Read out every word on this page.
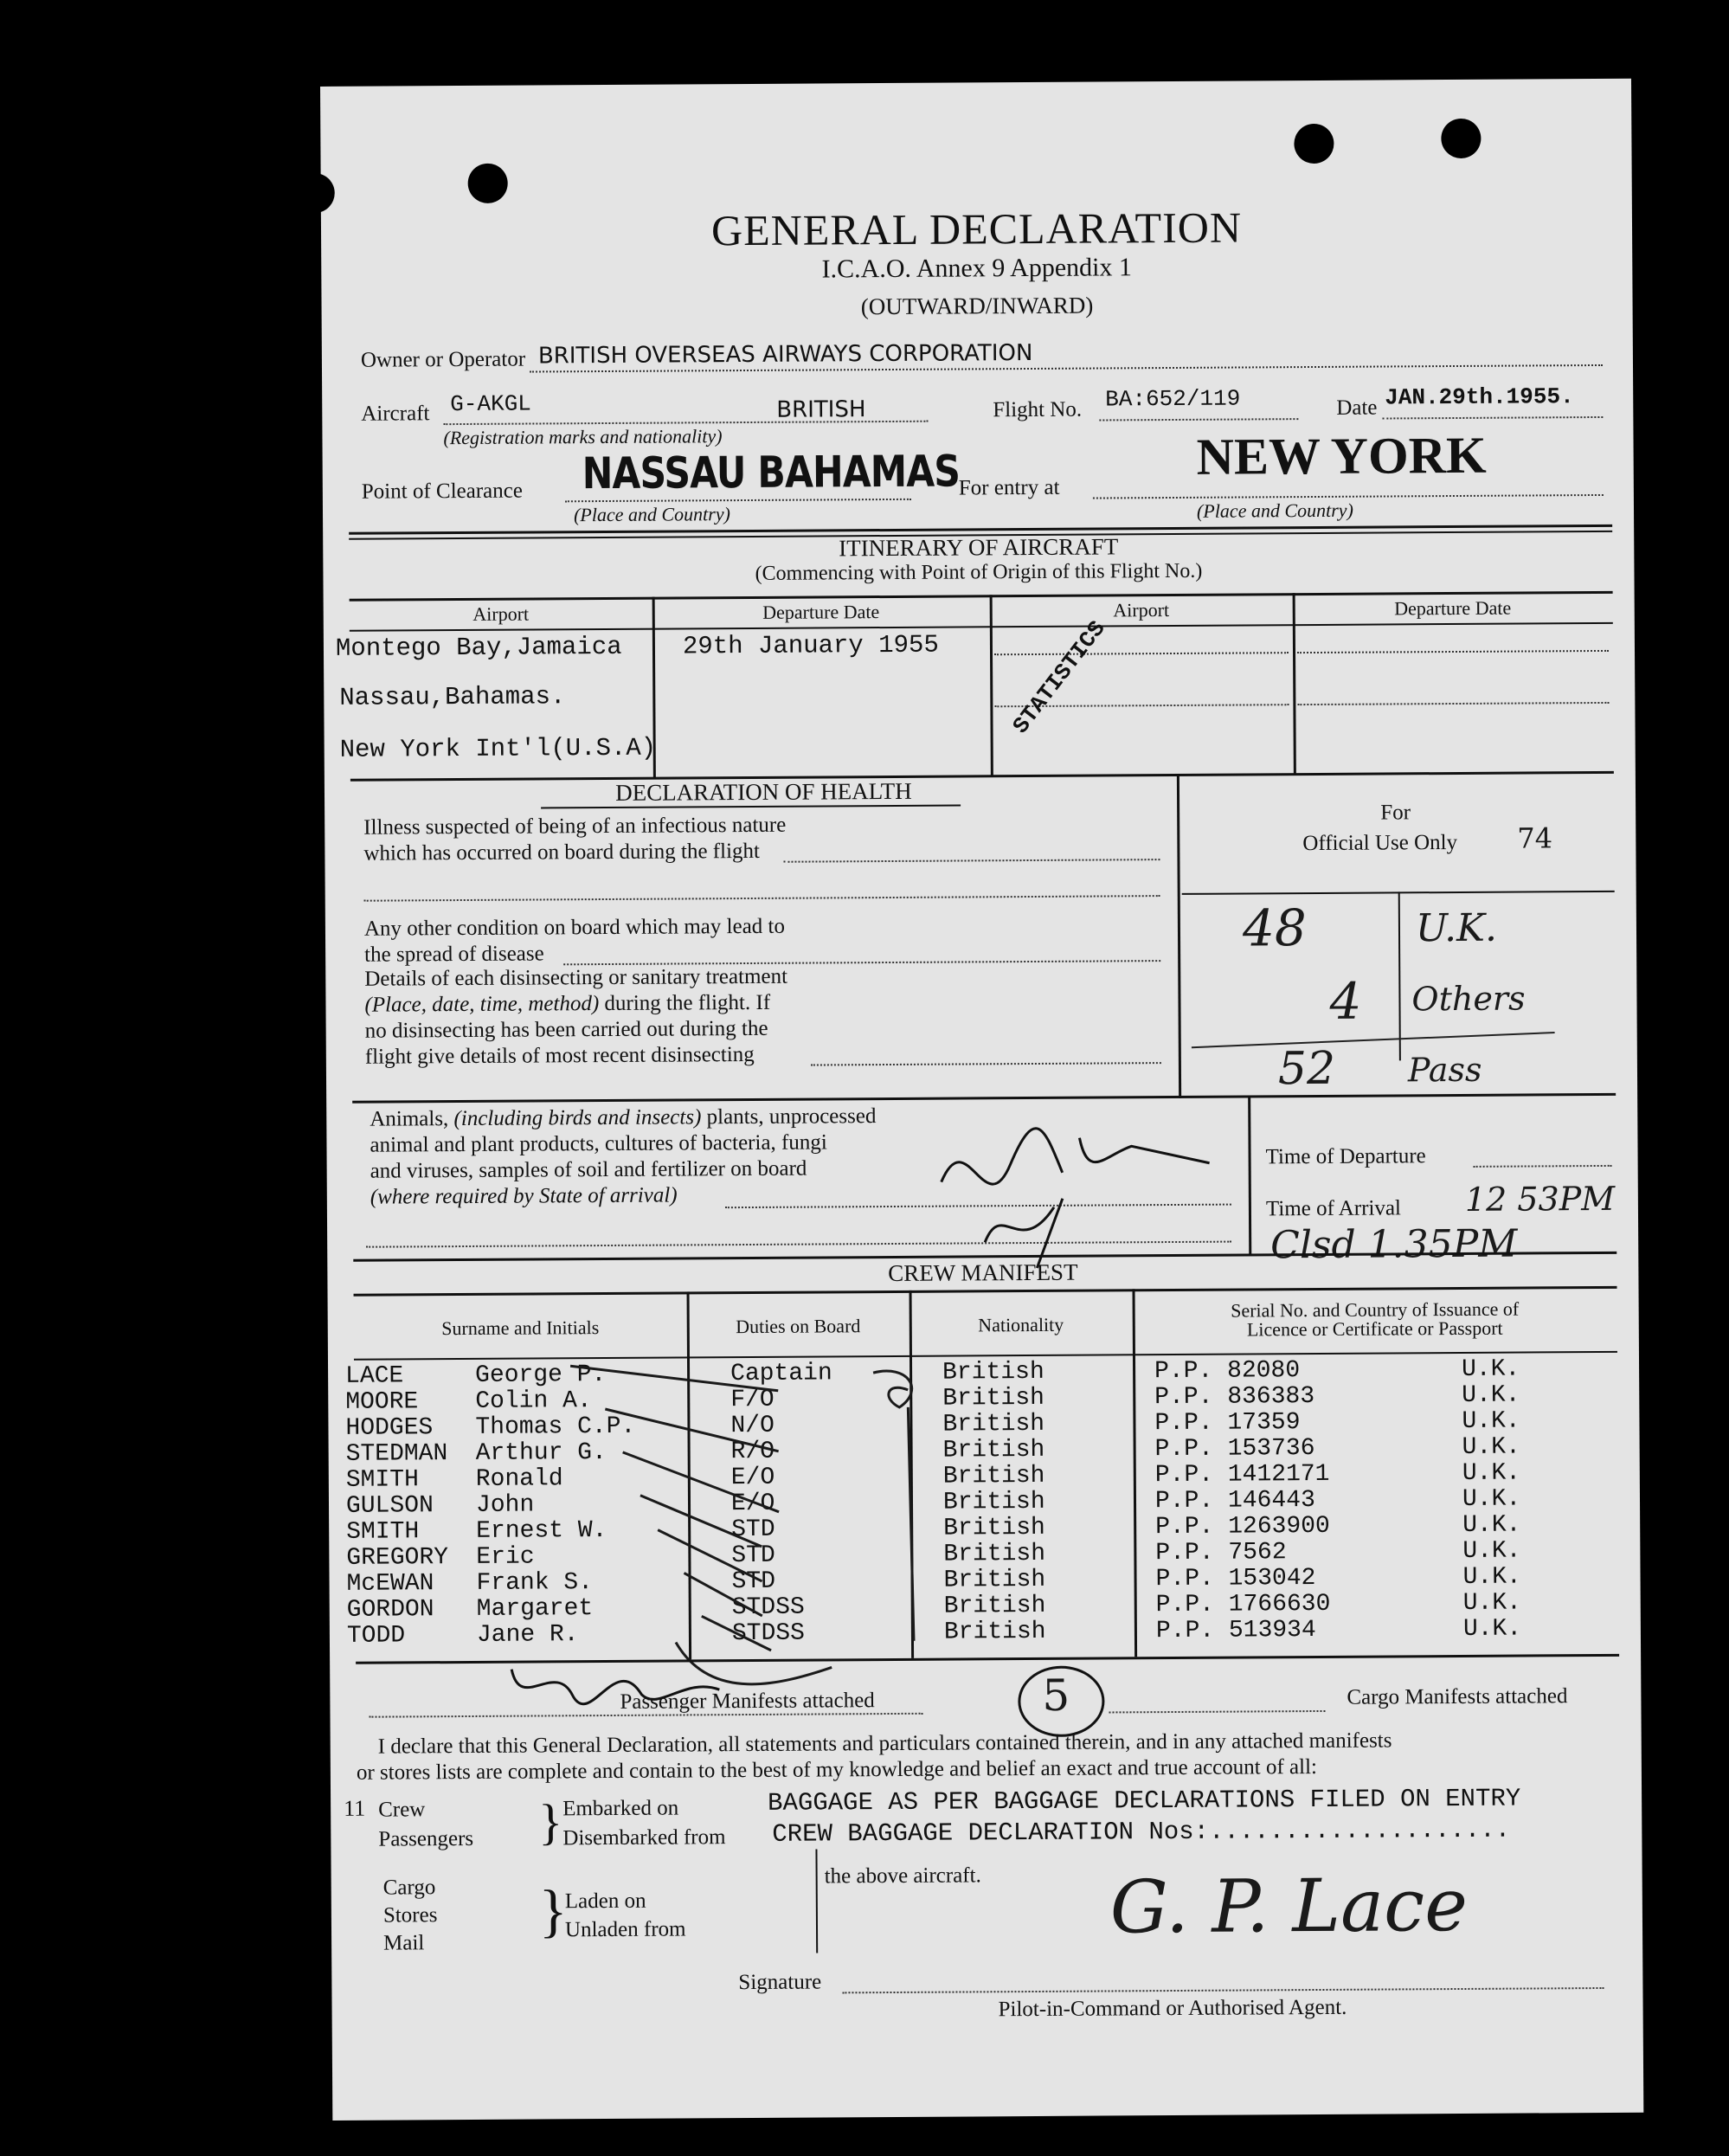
GENERAL DECLARATION
I.C.A.O. Annex 9 Appendix 1
(OUTWARD/INWARD)
Owner or Operator BRITISH OVERSEAS AIRWAYS CORPORATION
Aircraft G-AKGL	BRITISH
(Registration marks and nationality)
Flight No. BA:652/119	Date JAN.29th.1955.
Point of Clearance NASSAU BAHAMAS
(Place and Country)
For entry at
NEW YORK
(Place and Country)
ITINERARY OF AIRCRAFT
(Commencing with Point of Origin of this Flight No.)
Airport	Departure Date	Airport	Departure Date
Montego Bay,Jamaica 29th January 1955
Nassau,Bahamas.
New York Int'l(U.S.A)
STATISTICS
DECLARATION OF HEALTH
Illness suspected of being of an infectious nature
which has occurred on board during the flight
Any other condition on board which may lead to
the spread of disease
Details of each disinsecting or sanitary treatment
(Place, date, time, method) during the flight. If
no disinsecting has been carried out during the
flight give details of most recent disinsecting
For
Official Use Only 74
48	U.K.
4 Others
52 Pass
Animals, (including birds and insects) plants, unprocessed
animal and plant products, cultures of bacteria, fungi
and viruses, samples of soil and fertilizer on board
(where required by State of arrival)
Time of Departure
Time of Arrival 12 53PM
Clsd 1.35PM
CREW MANIFEST
Surname and Initials	Duties on Board	Nationality
Serial No. and Country of Issuance of
Licence or Certificate or Passport
LACE	George P.	Captain	British	P.P. 82080	U.K.
MOORE Colin A.	F/O	British	P.P. 836383	U.K.
HODGES Thomas C.P.	N/O	British	P.P. 17359	U.K.
STEDMAN Arthur G.	R/O	British	P.P. 153736	U.K.
SMITH Ronald	E/O	British	P.P. 1412171	U.K.
GULSON John	E/O	British	P.P. 146443	U.K.
SMITH Ernest W.	STD	British	P.P. 1263900	U.K.
GREGORY Eric	STD	British	P.P. 7562	U.K.
McEWAN Frank S.	STD	British	P.P. 153042	U.K.
GORDON Margaret	STDSS	British	P.P. 1766630	U.K.
TODD	Jane R.	STDSS	British	P.P. 513934	U.K.
Passenger Manifests attached	5	Cargo Manifests attached
I declare that this General Declaration, all statements and particulars contained therein, and in any attached manifests
or stores lists are complete and contain to the best of my knowledge and belief an exact and true account of all:
11 Crew
Passengers } Embarked on
Disembarked from
BAGGAGE AS PER BAGGAGE DECLARATIONS FILED ON ENTRY
CREW BAGGAGE DECLARATION Nos:....................
the above aircraft.
Cargo
Stores
Mail }
Laden on
Unladen from
Signature
G. P. Lace
Pilot-in-Command or Authorised Agent.
